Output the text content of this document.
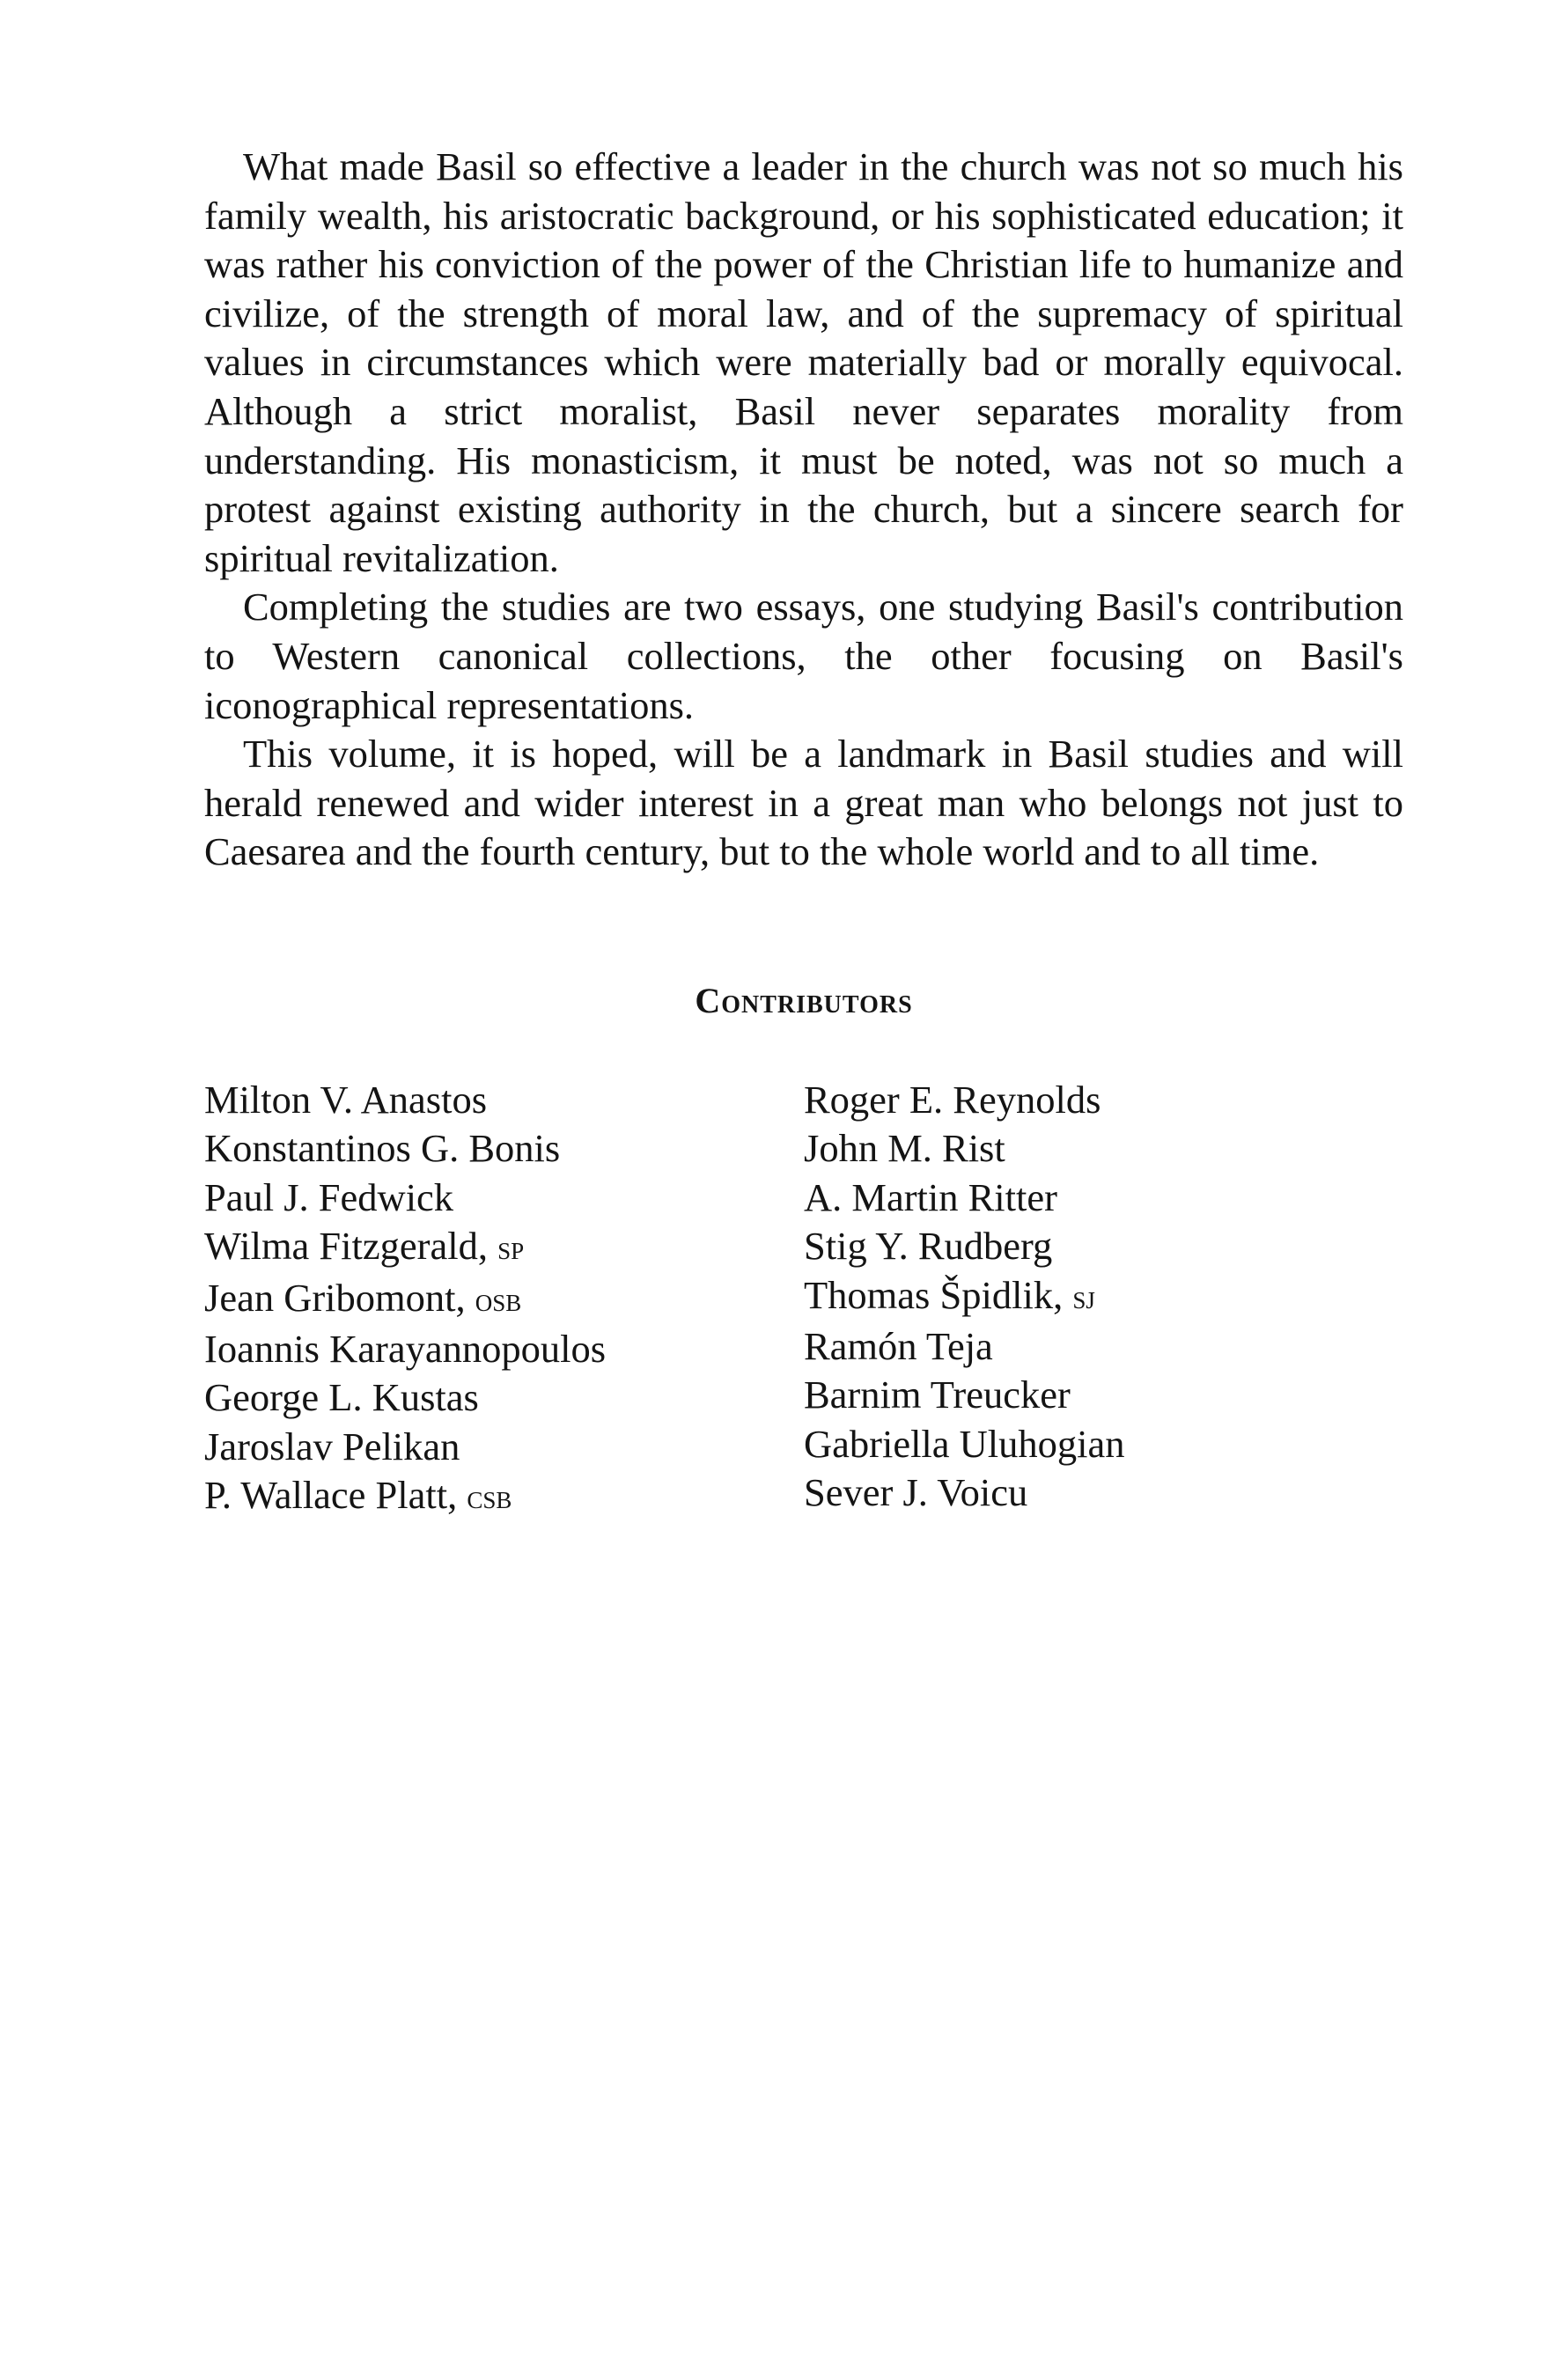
What made Basil so effective a leader in the church was not so much his family wealth, his aristocratic background, or his sophisticated education; it was rather his conviction of the power of the Christian life to humanize and civilize, of the strength of moral law, and of the supremacy of spiritual values in circumstances which were materially bad or morally equivocal. Although a strict moralist, Basil never separates morality from understanding. His monasticism, it must be noted, was not so much a protest against existing authority in the church, but a sincere search for spiritual revitalization.

Completing the studies are two essays, one studying Basil's contribution to Western canonical collections, the other focusing on Basil's iconographical representations.

This volume, it is hoped, will be a landmark in Basil studies and will herald renewed and wider interest in a great man who belongs not just to Caesarea and the fourth century, but to the whole world and to all time.

Contributors
Milton V. Anastos
Konstantinos G. Bonis
Paul J. Fedwick
Wilma Fitzgerald, sp
Jean Gribomont, osb
Ioannis Karayannopoulos
George L. Kustas
Jaroslav Pelikan
P. Wallace Platt, csb
Roger E. Reynolds
John M. Rist
A. Martin Ritter
Stig Y. Rudberg
Thomas Špidlik, sj
Ramón Teja
Barnim Treucker
Gabriella Uluhogian
Sever J. Voicu
